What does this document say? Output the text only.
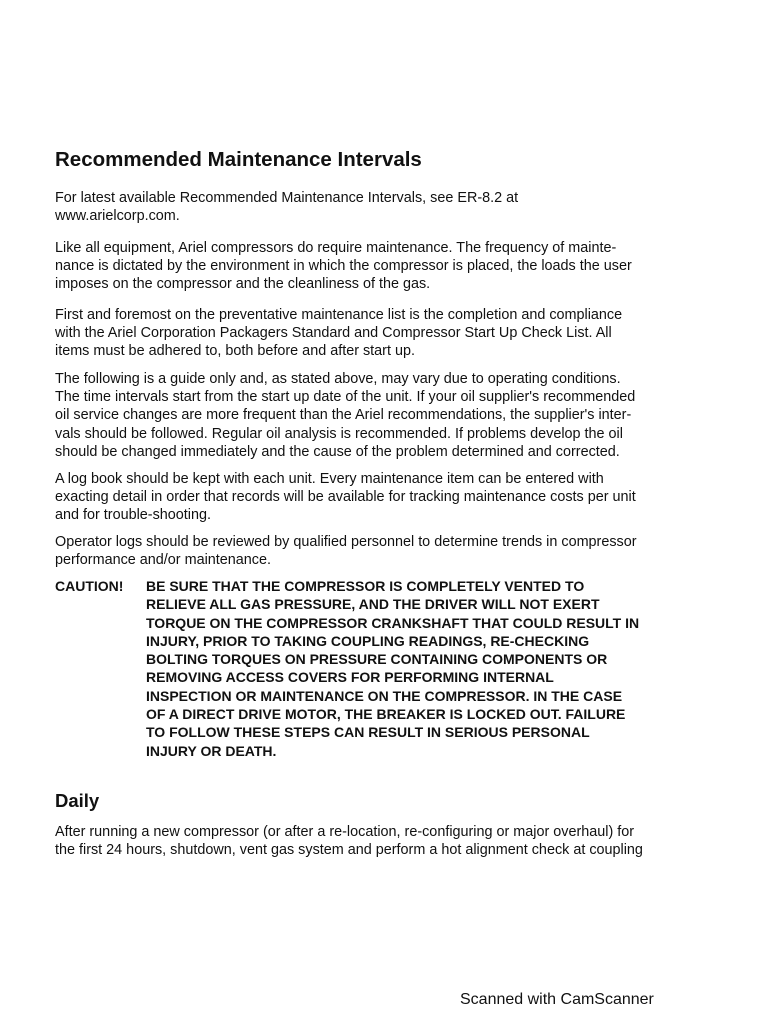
Recommended Maintenance Intervals

For latest available Recommended Maintenance Intervals, see ER-8.2 at
www.arielcorp.com.

Like all equipment, Ariel compressors do require maintenance. The frequency of mainte-
nance is dictated by the environment in which the compressor is placed, the loads the user
imposes on the compressor and the cleanliness of the gas.

First and foremost on the preventative maintenance list is the completion and compliance
with the Ariel Corporation Packagers Standard and Compressor Start Up Check List. All
items must be adhered to, both before and after start up.

The following is a guide only and, as stated above, may vary due to operating conditions.
The time intervals start from the start up date of the unit. If your oil supplier's recommended
oil service changes are more frequent than the Ariel recommendations, the supplier's inter-
vals should be followed. Regular oil analysis is recommended. If problems develop the oil
should be changed immediately and the cause of the problem determined and corrected.

A log book should be kept with each unit. Every maintenance item can be entered with
exacting detail in order that records will be available for tracking maintenance costs per unit
and for trouble-shooting.

Operator logs should be reviewed by qualified personnel to determine trends in compressor
performance and/or maintenance.

CAUTION! BE SURE THAT THE COMPRESSOR IS COMPLETELY VENTED TO
RELIEVE ALL GAS PRESSURE, AND THE DRIVER WILL NOT EXERT
TORQUE ON THE COMPRESSOR CRANKSHAFT THAT COULD RESULT IN
INJURY, PRIOR TO TAKING COUPLING READINGS, RE-CHECKING
BOLTING TORQUES ON PRESSURE CONTAINING COMPONENTS OR
REMOVING ACCESS COVERS FOR PERFORMING INTERNAL
INSPECTION OR MAINTENANCE ON THE COMPRESSOR. IN THE CASE
OF A DIRECT DRIVE MOTOR, THE BREAKER IS LOCKED OUT. FAILURE
TO FOLLOW THESE STEPS CAN RESULT IN SERIOUS PERSONAL
INJURY OR DEATH.

Daily

After running a new compressor (or after a re-location, re-configuring or major overhaul) for
the first 24 hours, shutdown, vent gas system and perform a hot alignment check at coupling

Scanned with CamScanner
